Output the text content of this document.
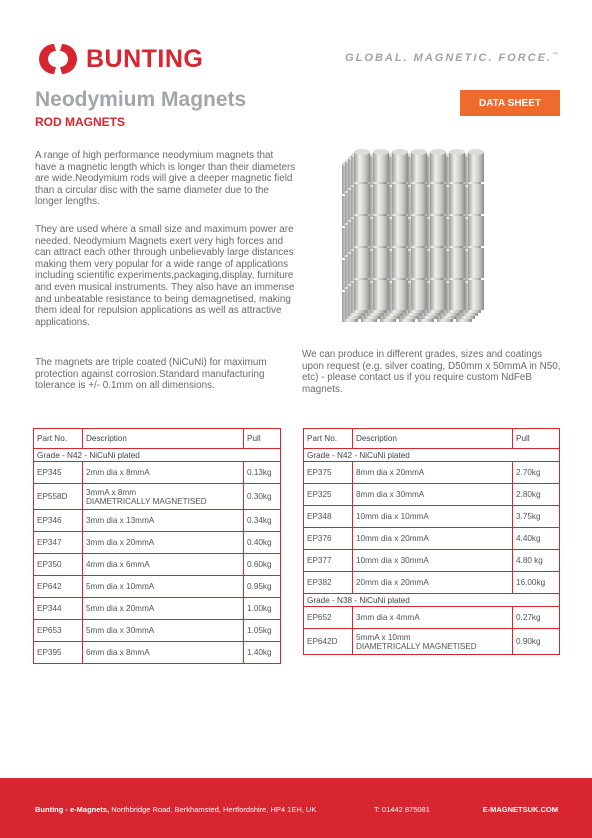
BUNTING	GLOBAL. MAGNETIC. FORCE.™
Neodymium Magnets
ROD MAGNETS
DATA SHEET
A range of high performance neodymium magnets that have a magnetic length which is longer than their diameters are wide.Neodymium rods will give a deeper magnetic field than a circular disc with the same diameter due to the longer lengths.
They are used where a small size and maximum power are needed. Neodymium Magnets exert very high forces and can attract each other through unbelievably large distances making them very popular for a wide range of applications including scientific experiments,packaging,display, furniture and even musical instruments. They also have an immense and unbeatable resistance to being demagnetised, making them ideal for repulsion applications as well as attractive applications.
The magnets are triple coated (NiCuNi) for maximum protection against corrosion.Standard manufacturing tolerance is +/- 0.1mm on all dimensions.
We can produce in different grades, sizes and coatings upon request (e.g. silver coating, D50mm x 50mmA in N50, etc) - please contact us if you require custom NdFeB magnets.
Part No.	Description	Pull
Grade - N42 - NiCuNi plated		
EP345	2mm dia x 8mmA	0.13kg
EP558D	3mmA x 8mm
DIAMETRICALLY MAGNETISED	0.30kg
EP346	3mm dia x 13mmA	0.34kg
EP347	3mm dia x 20mmA	0.40kg
EP350	4mm dia x 6mmA	0.60kg
EP642	5mm dia x 10mmA	0.95kg
EP344	5mm dia x 20mmA	1.00kg
EP653	5mm dia x 30mmA	1.05kg
EP395	6mm dia x 8mmA	1.40kg
Part No.	Description	Pull
Grade - N42 - NiCuNi plated		
EP375	8mm dia x 20mmA	2.70kg
EP325	8mm dia x 30mmA	2.80kg
EP348	10mm dia x 10mmA	3.75kg
EP376	10mm dia x 20mmA	4.40kg
EP377	10mm dia x 30mmA	4.80 kg
EP382	20mm dia x 20mmA	16.00kg
Grade - N38 - NiCuNi plated		
EP652	3mm dia x 4mmA	0.27kg
EP642D	5mmA x 10mm
DIAMETRICALLY MAGNETISED	0.90kg
Bunting - e-Magnets, Northbridge Road, Berkhamsted, Hertfordshire, HP4 1EH, UK	T: 01442 875081	E-MAGNETSUK.COM
